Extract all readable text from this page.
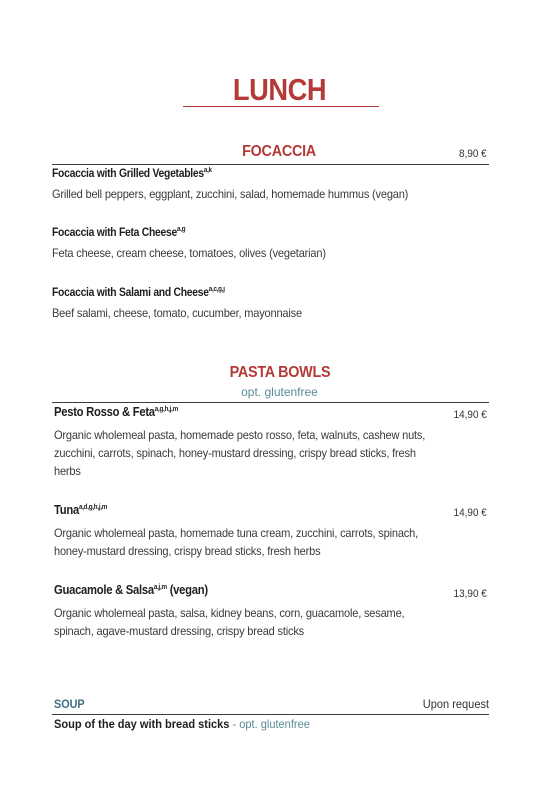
LUNCH
FOCACCIA	8,90 €
Focaccia with Grilled Vegetables$^{a,k}$
Grilled bell peppers, eggplant, zucchini, salad, homemade hummus (vegan)
Focaccia with Feta Cheese$^{a,g}$
Feta cheese, cream cheese, tomatoes, olives (vegetarian)
Focaccia with Salami and Cheese$^{a,c,g,j}$
Beef salami, cheese, tomato, cucumber, mayonnaise
PASTA BOWLS
opt. glutenfree
Pesto Rosso & Feta$^{a,g,h,j,m}$	14,90 €
Organic wholemeal pasta, homemade pesto rosso, feta, walnuts, cashew nuts, zucchini, carrots, spinach, honey-mustard dressing, crispy bread sticks, fresh herbs
Tuna$^{a,d,g,h,j,m}$	14,90 €
Organic wholemeal pasta, homemade tuna cream, zucchini, carrots, spinach, honey-mustard dressing, crispy bread sticks, fresh herbs
Guacamole & Salsa$^{a,j,m}$ (vegan)	13,90 €
Organic wholemeal pasta, salsa, kidney beans, corn, guacamole, sesame, spinach, agave-mustard dressing, crispy bread sticks
SOUP	Upon request
Soup of the day with bread sticks - opt. glutenfree
